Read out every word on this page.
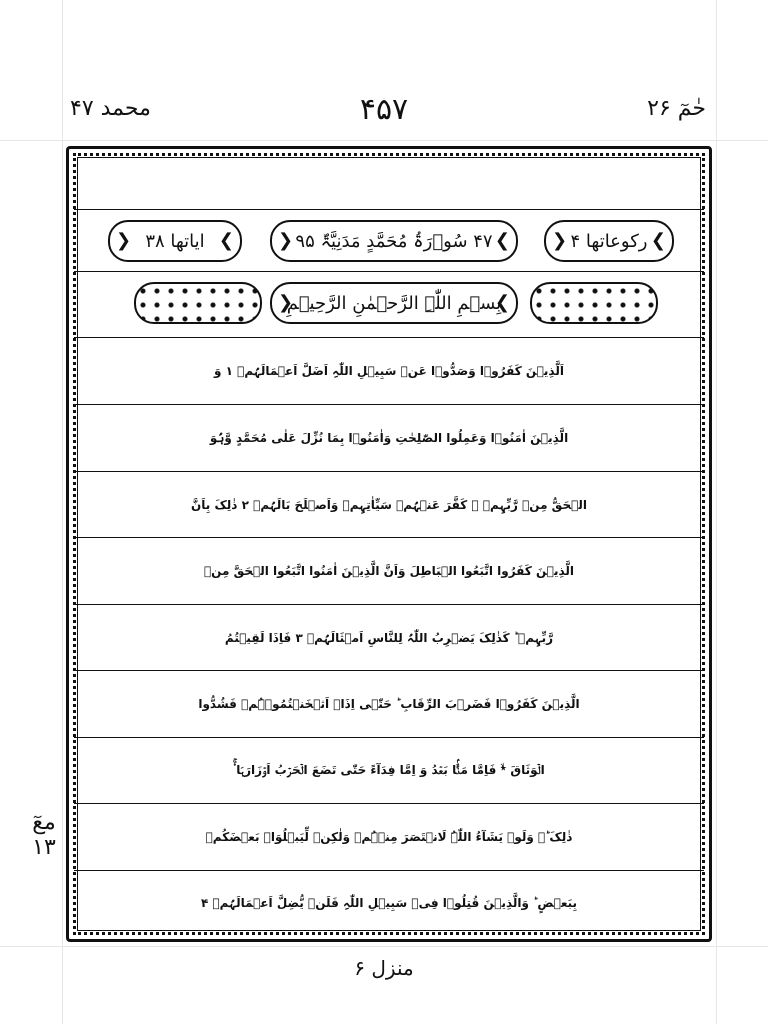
محمد ۴۷	۴۵۷	حٰمٓ ۲۶
❮ ایاتھا ۳۸
❯	❮ ۴۷ سُوۡرَۃُ مُحَمَّدٍ مَدَنِیَّۃٌ ۹۵
❯	❮ رکوعاتھا ۴
❯
❮ بِسۡمِ اللّٰہِ الرَّحۡمٰنِ الرَّحِیۡمِ
❯
اَلَّذِیۡنَ کَفَرُوۡا وَصَدُّوۡا عَنۡ سَبِیۡلِ اللّٰہِ اَضَلَّ اَعۡمَالَہُمۡ ۱ وَ
الَّذِیۡنَ اٰمَنُوۡا وَعَمِلُوا الصّٰلِحٰتِ وَاٰمَنُوۡا بِمَا نُزِّلَ عَلٰی مُحَمَّدٍ وَّہُوَ
الۡحَقُّ مِنۡ رَّبِّہِمۡ ۙ کَفَّرَ عَنۡہُمۡ سَیِّاٰتِہِمۡ وَاَصۡلَحَ بَالَہُمۡ ۲ ذٰلِکَ بِاَنَّ
الَّذِیۡنَ کَفَرُوا اتَّبَعُوا الۡبَاطِلَ وَاَنَّ الَّذِیۡنَ اٰمَنُوا اتَّبَعُوا الۡحَقَّ مِنۡ
رَّبِّہِمۡ ؕ کَذٰلِکَ یَضۡرِبُ اللّٰہُ لِلنَّاسِ اَمۡثَالَہُمۡ ۳ فَاِذَا لَقِیۡتُمُ
الَّذِیۡنَ کَفَرُوۡا فَضَرۡبَ الرِّقَابِ ؕ حَتّٰۤی اِذَاۤ اَثۡخَنۡتُمُوۡہُمۡ فَشُدُّوا
الۡوَثَاقَ ٭ۙ فَاِمَّا مَنًّۢا بَعۡدُ وَ اِمَّا فِدَآءً حَتّٰی تَضَعَ الۡحَرۡبُ اَوۡزَارَہَا ۟ۚ
ذٰلِکَ ؕۛ وَلَوۡ یَشَآءُ اللّٰہُ لَانۡتَصَرَ مِنۡہُمۡ وَلٰکِنۡ لِّیَبۡلُوَا۠ بَعۡضَکُمۡ
بِبَعۡضٍ ؕ وَالَّذِیۡنَ قُتِلُوۡا فِیۡ سَبِیۡلِ اللّٰہِ فَلَنۡ یُّضِلَّ اَعۡمَالَہُمۡ ۴
معٓ ۱۳
منزل ۶
